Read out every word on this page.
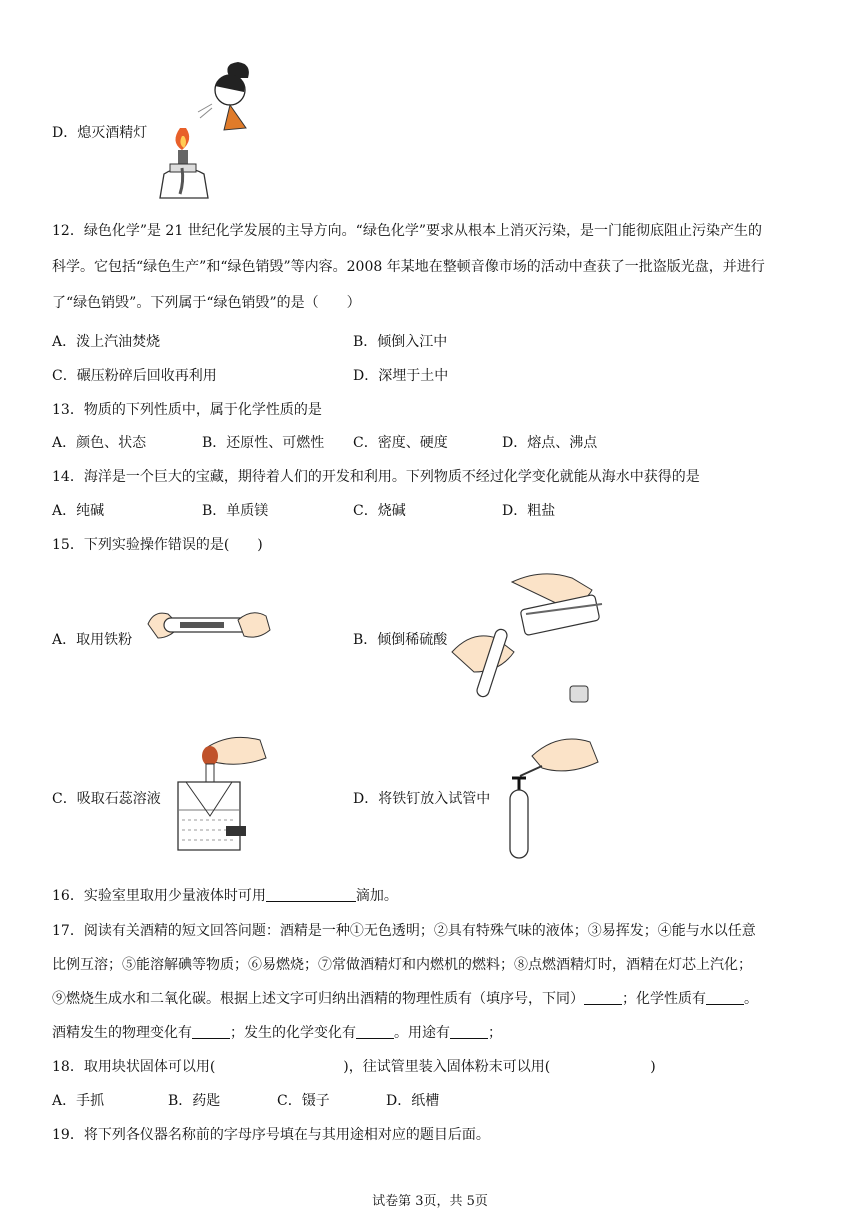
D．熄灭酒精灯
12．绿色化学”是 21 世纪化学发展的主导方向。“绿色化学”要求从根本上消灭污染，是一门能彻底阻止污染产生的
科学。它包括“绿色生产”和“绿色销毁”等内容。2008 年某地在整顿音像市场的活动中查获了一批盗版光盘，并进行
了“绿色销毁”。下列属于“绿色销毁”的是（　　）
A．泼上汽油焚烧	B．倾倒入江中
C．碾压粉碎后回收再利用	D．深埋于土中
13．物质的下列性质中，属于化学性质的是
A．颜色、状态	B．还原性、可燃性 C．密度、硬度	D．熔点、沸点
14．海洋是一个巨大的宝藏，期待着人们的开发和利用。下列物质不经过化学变化就能从海水中获得的是
A．纯碱	B．单质镁	C．烧碱	D．粗盐
15．下列实验操作错误的是(　　)
A．取用铁粉	B．倾倒稀硫酸
C．吸取石蕊溶液	D．将铁钉放入试管中
16．实验室里取用少量液体时可用	滴加。
17．阅读有关酒精的短文回答问题：酒精是一种①无色透明；②具有特殊气味的液体；③易挥发；④能与水以任意
比例互溶；⑤能溶解碘等物质；⑥易燃烧；⑦常做酒精灯和内燃机的燃料；⑧点燃酒精灯时，酒精在灯芯上汽化；
⑨燃烧生成水和二氧化碳。根据上述文字可归纳出酒精的物理性质有（填序号，下同）	；化学性质有	。
酒精发生的物理变化有	；发生的化学变化有	。用途有	；
18．取用块状固体可以用(	)，往试管里装入固体粉末可以用(	)
A．手抓	B．药匙	C．镊子	D．纸槽
19．将下列各仪器名称前的字母序号填在与其用途相对应的题目后面。
试卷第 3页，共 5页
